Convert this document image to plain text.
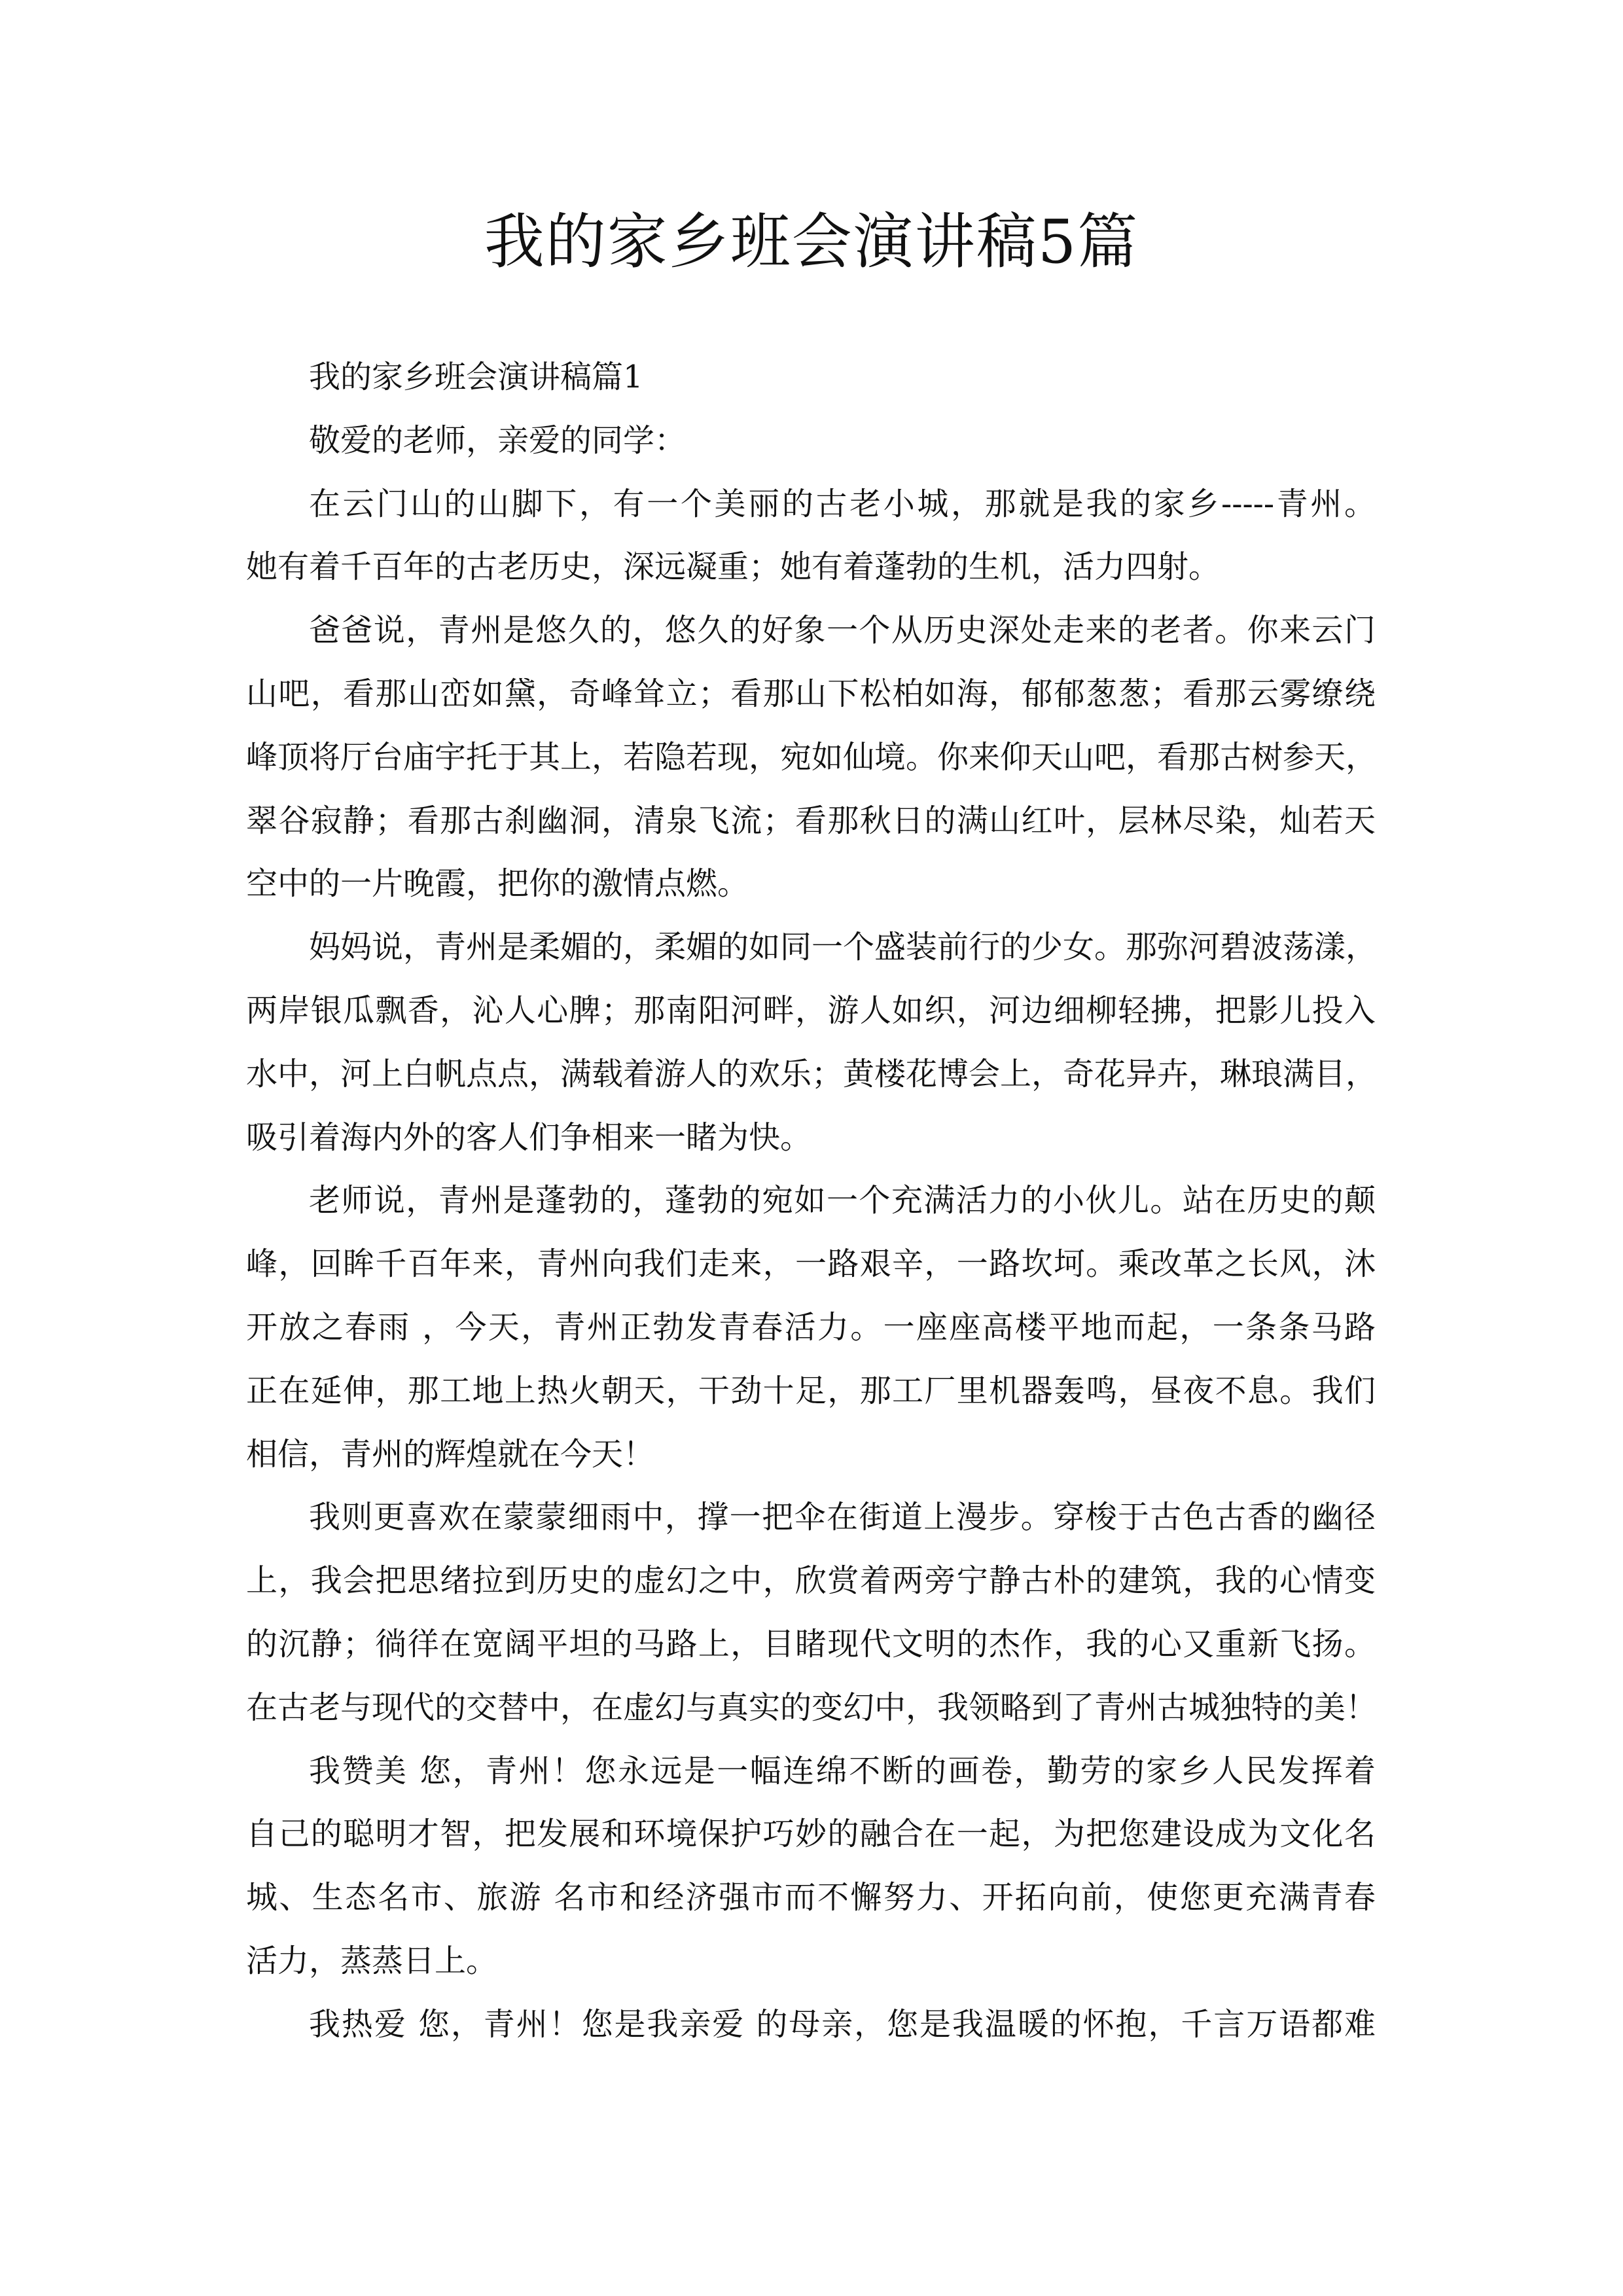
我的家乡班会演讲稿5篇
我的家乡班会演讲稿篇1
敬爱的老师，亲爱的同学：
在云门山的山脚下，有一个美丽的古老小城，那就是我的家乡-----青州。
她有着千百年的古老历史，深远凝重；她有着蓬勃的生机，活力四射。
爸爸说，青州是悠久的，悠久的好象一个从历史深处走来的老者。你来云门
山吧，看那山峦如黛，奇峰耸立；看那山下松柏如海，郁郁葱葱；看那云雾缭绕
峰顶将厅台庙宇托于其上，若隐若现，宛如仙境。你来仰天山吧，看那古树参天，
翠谷寂静；看那古刹幽洞，清泉飞流；看那秋日的满山红叶，层林尽染，灿若天
空中的一片晚霞，把你的激情点燃。
妈妈说，青州是柔媚的，柔媚的如同一个盛装前行的少女。那弥河碧波荡漾，
两岸银瓜飘香，沁人心脾；那南阳河畔，游人如织，河边细柳轻拂，把影儿投入
水中，河上白帆点点，满载着游人的欢乐；黄楼花博会上，奇花异卉，琳琅满目，
吸引着海内外的客人们争相来一睹为快。
老师说，青州是蓬勃的，蓬勃的宛如一个充满活力的小伙儿。站在历史的颠
峰，回眸千百年来，青州向我们走来，一路艰辛，一路坎坷。乘改革之长风，沐
开放之春雨 ，今天，青州正勃发青春活力。一座座高楼平地而起，一条条马路
正在延伸，那工地上热火朝天，干劲十足，那工厂里机器轰鸣，昼夜不息。我们
相信，青州的辉煌就在今天！
我则更喜欢在蒙蒙细雨中，撑一把伞在街道上漫步。穿梭于古色古香的幽径
上，我会把思绪拉到历史的虚幻之中，欣赏着两旁宁静古朴的建筑，我的心情变
的沉静；徜徉在宽阔平坦的马路上，目睹现代文明的杰作，我的心又重新飞扬。
在古老与现代的交替中，在虚幻与真实的变幻中，我领略到了青州古城独特的美！
我赞美 您，青州！您永远是一幅连绵不断的画卷，勤劳的家乡人民发挥着
自己的聪明才智，把发展和环境保护巧妙的融合在一起，为把您建设成为文化名
城、生态名市、旅游 名市和经济强市而不懈努力、开拓向前，使您更充满青春
活力，蒸蒸日上。
我热爱 您，青州！您是我亲爱 的母亲，您是我温暖的怀抱，千言万语都难
